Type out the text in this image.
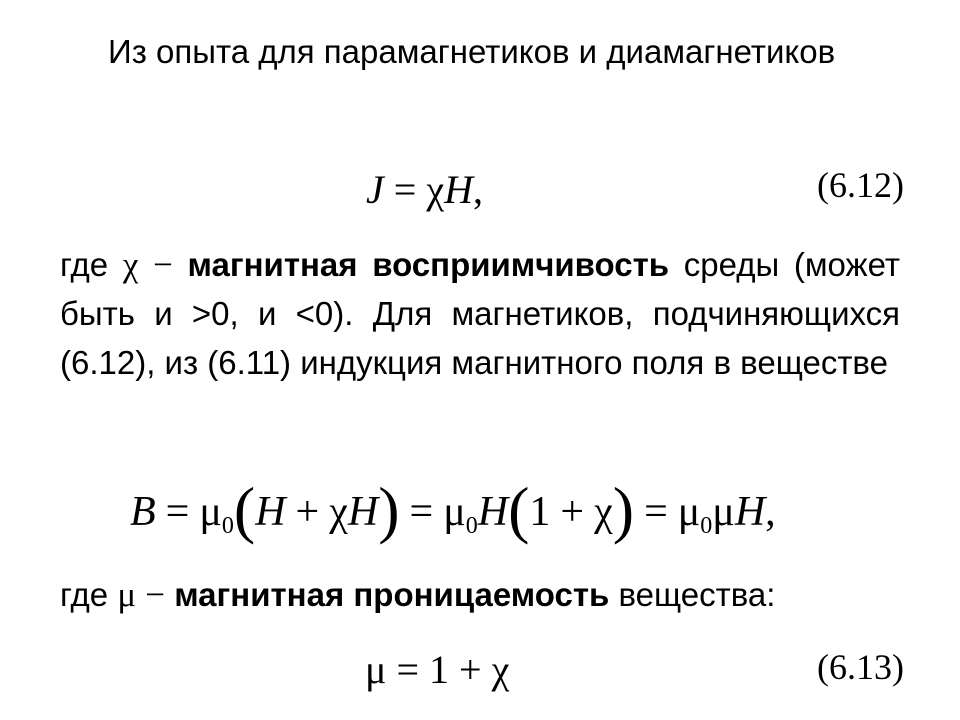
Из опыта для парамагнетиков и диамагнетиков
J = χH,	(6.12)
где χ − магнитная восприимчивость среды (может быть и >0, и <0). Для магнетиков, подчиняющихся (6.12), из (6.11) индукция магнитного поля в веществе
$B = \mu_0(H + \chi H) = \mu_0H(1 + \chi) = \mu_0\mu H$,
где μ − магнитная проницаемость вещества:
μ = 1 + χ	(6.13)
